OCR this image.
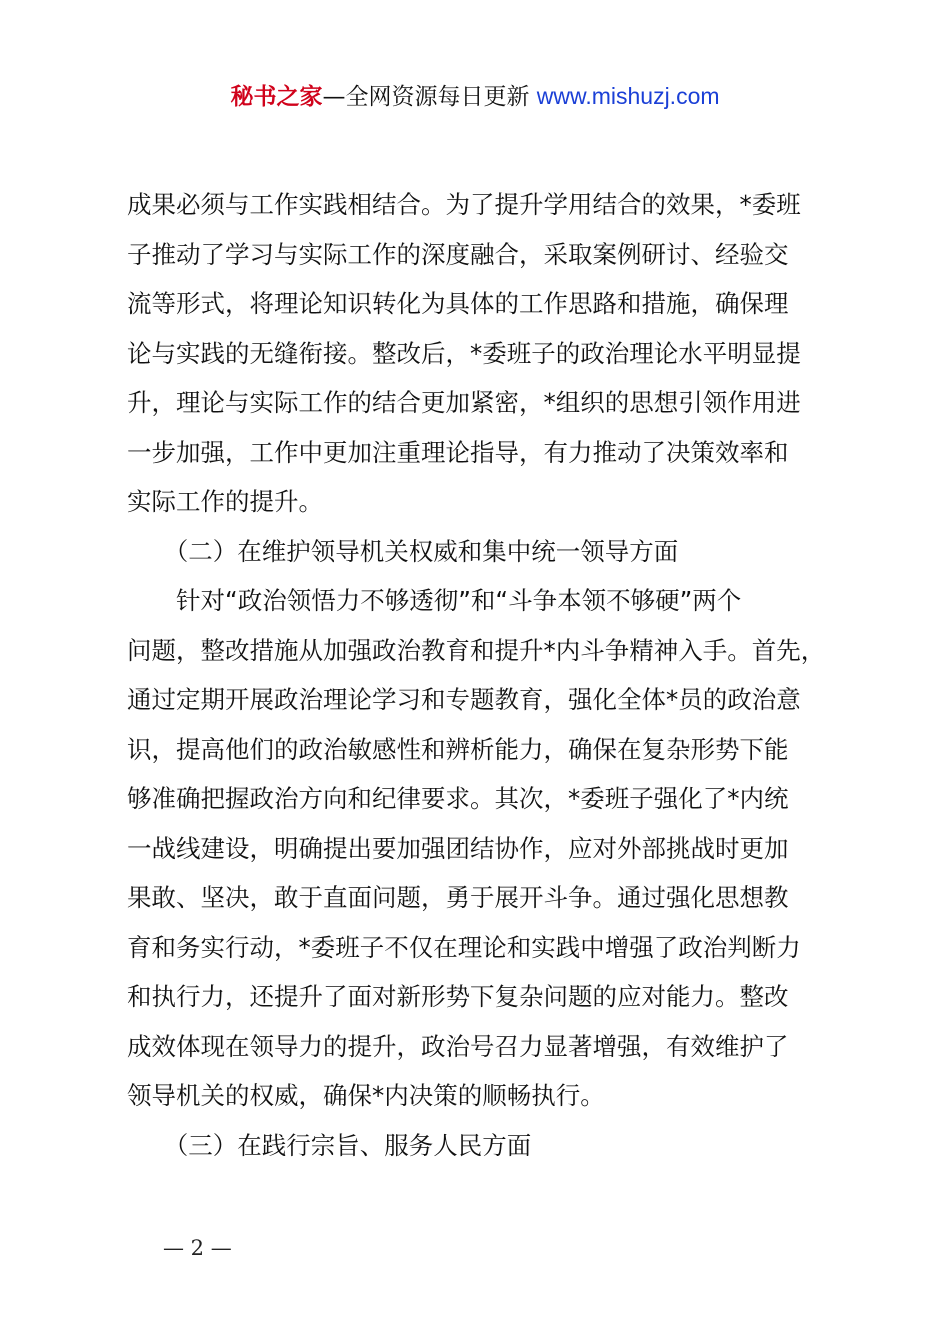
秘书之家—全网资源每日更新 www.mishuzj.com

成果必须与工作实践相结合。为了提升学用结合的效果，*委班

子推动了学习与实际工作的深度融合，采取案例研讨、经验交

流等形式，将理论知识转化为具体的工作思路和措施，确保理

论与实践的无缝衔接。整改后，*委班子的政治理论水平明显提

升，理论与实际工作的结合更加紧密，*组织的思想引领作用进

一步加强，工作中更加注重理论指导，有力推动了决策效率和

实际工作的提升。

　　（二）在维护领导机关权威和集中统一领导方面

　　针对“政治领悟力不够透彻”和“斗争本领不够硬”两个

问题，整改措施从加强政治教育和提升*内斗争精神入手。首先，

通过定期开展政治理论学习和专题教育，强化全体*员的政治意

识，提高他们的政治敏感性和辨析能力，确保在复杂形势下能

够准确把握政治方向和纪律要求。其次，*委班子强化了*内统

一战线建设，明确提出要加强团结协作，应对外部挑战时更加

果敢、坚决，敢于直面问题，勇于展开斗争。通过强化思想教

育和务实行动，*委班子不仅在理论和实践中增强了政治判断力

和执行力，还提升了面对新形势下复杂问题的应对能力。整改

成效体现在领导力的提升，政治号召力显著增强，有效维护了

领导机关的权威，确保*内决策的顺畅执行。

　　（三）在践行宗旨、服务人民方面

— 2 —
